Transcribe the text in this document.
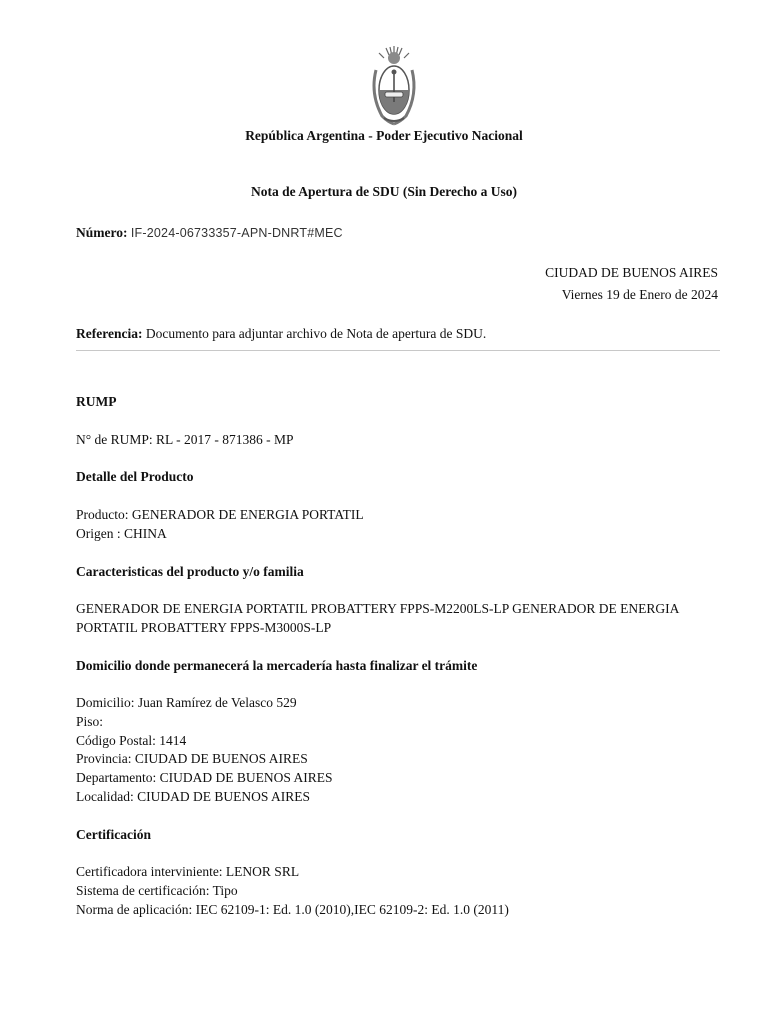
República Argentina - Poder Ejecutivo Nacional
Nota de Apertura de SDU (Sin Derecho a Uso)
Número: IF-2024-06733357-APN-DNRT#MEC
CIUDAD DE BUENOS AIRES
Viernes 19 de Enero de 2024
Referencia: Documento para adjuntar archivo de Nota de apertura de SDU.
RUMP
N° de RUMP: RL - 2017 - 871386 - MP
Detalle del Producto
Producto: GENERADOR DE ENERGIA PORTATIL
Origen : CHINA
Caracteristicas del producto y/o familia
GENERADOR DE ENERGIA PORTATIL PROBATTERY FPPS-M2200LS-LP GENERADOR DE ENERGIA
PORTATIL PROBATTERY FPPS-M3000S-LP
Domicilio donde permanecerá la mercadería hasta finalizar el trámite
Domicilio: Juan Ramírez de Velasco 529
Piso:
Código Postal: 1414
Provincia: CIUDAD DE BUENOS AIRES
Departamento: CIUDAD DE BUENOS AIRES
Localidad: CIUDAD DE BUENOS AIRES
Certificación
Certificadora interviniente: LENOR SRL
Sistema de certificación: Tipo
Norma de aplicación: IEC 62109-1: Ed. 1.0 (2010),IEC 62109-2: Ed. 1.0 (2011)
